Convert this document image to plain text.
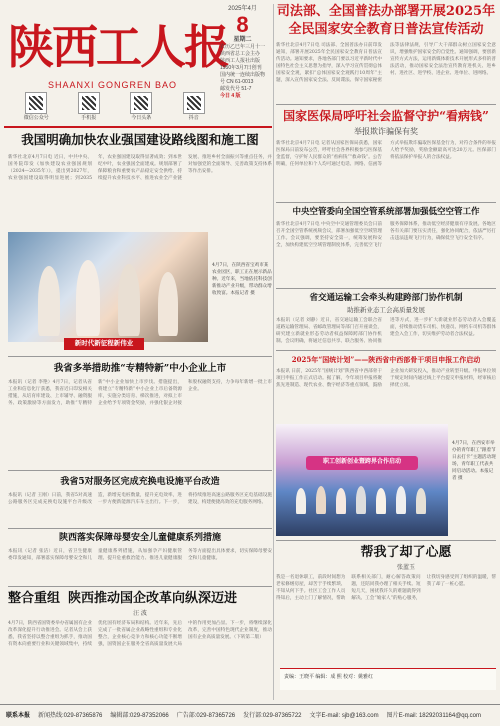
陕西工人报
SHAANXI GONGREN BAO
2025年4月
8
星期二
农历乙巳年三月十一
陕西省总工会主办
陕西工人报社出版
1950年3月7日创刊
国内统一连续出版物号 CN 61-0013
邮发代号 51-7
今日 4 版
微信公众号	手机报	今日头条	抖音
司法部、全国普法办部署开展2025年
全民国家安全教育日普法宣传活动
新华社北京4月7日电 司法部、全国普法办日前印发通知，部署开展2025年全民国家安全教育日普法宣传活动。通知要求，各地各部门要以习近平新时代中国特色社会主义思想为指导，深入学习宣传贯彻总体国家安全观，紧扣“总体国家安全观践行10周年”主题，深入宣传国家安全法、反间谍法、保守国家秘密法等法律法规，引导广大干部群众树立国家安全意识，增强维护国家安全的自觉性。通知强调，要创新宣传方式方法，运用新媒体新技术开展形式多样的普法活动，推动国家安全法治宣传教育进机关、进乡村、进社区、进学校、进企业、进单位、进网络。
国家医保局呼吁社会监督守护“看病钱”
举报欺诈骗保有奖
新华社北京4月7日电 记者从国家医保局获悉，国家医保局日前发布公告，呼吁社会各界积极参与医保基金监督，守护好人民群众的“看病钱”“救命钱”。公告明确，任何单位和个人均可通过电话、网络、信函等方式举报欺诈骗取医保基金行为，对符合条件的举报人给予奖励，奖励金额最高可达20万元。医保部门将依法保护举报人的合法权益。
中央空管委向全国空管系统部署加强低空空管工作
新华社北京4月7日电 中央空中交通管理委员会日前召开全国空管系统视频会议，部署加强低空空域管理工作。会议强调，要坚持安全第一，统筹发展和安全，加快构建低空空域管理制度体系，完善低空飞行服务保障体系，推动低空经济健康有序发展。各地区各有关部门要压实责任，强化协同配合，依法严厉打击违法违规飞行行为，确保低空飞行安全有序。
省交通运输工会牵头构建跨部门协作机制
助推新业态工会高质量发展
本报讯（记者 刘静）近日，省交通运输工会联合省道路运输管理局、省邮政管理局等部门召开座谈会，研究建立新就业形态劳动者权益保障跨部门协作机制。会议明确，将通过信息共享、联合服务、协同推进等方式，进一步扩大新就业形态劳动者入会覆盖面，持续推动货车司机、快递员、网约车司机等群体建会入会工作，切实维护劳动者合法权益。
2025年“国统计划”——陕西省中西部骨干项目申报工作启动
本报讯 日前，2025年“国统计划”陕西省中西部骨干项目申报工作正式启动。据了解，今年项目申报将聚焦先进制造、现代农业、数字经济等重点领域，鼓励企业加大研发投入，推动产业转型升级。申报单位须于规定时间内通过线上平台提交申报材料，经审核后择优立项。
职工创新创业暨跨界合作启动
4月7日，在西安市举办的青年职工“跟着节日去打卡”主题活动现场，青年职工代表共同启动活动。本报记者 摄
帮我了却了心愿
张蓝玉
我是一名退休职工，前段时间想为老家修缮房屋，却苦于手续繁琐、不知从何下手。社区工会工作人员得知后，主动上门了解情况，帮助联系相关部门，耐心解答政策问题，还陪同我办理了相关手续。短短几天，困扰我许久的难题就得到解决。工会“娘家人”的贴心服务，让我切身感受到了组织的温暖，帮我了却了一桩心愿。
责编：王晓平 编辑：成 熙 校对：姚雅红
我国明确加快农业强国建设路线图和施工图
新华社北京4月7日电 近日，中共中央、国务院印发《加快建设农业强国规划（2024—2035年）》，提出到2027年，农业强国建设取得明显进展；到2035年，农业强国建设取得显著成效；到本世纪中叶，农业强国全面建成。规划部署了保障粮食和重要农产品稳定安全供给、持续提升农业科技水平、推进农业全产业链发展、推进乡村全面振兴等重点任务，并对加强党的全面领导、完善政策支持体系等作出安排。
4月7日，在陕西省宝鸡市某农业园区，职工正在展示新品种。近年来，当地依托科技创新推动产业升级，带动群众增收致富。本报记者 摄
新时代新征程新伟业
我省多举措助推“专精特新”中小企业上市
本报讯（记者 李艳）4月7日，记者从省工业和信息化厅获悉，我省近日印发相关措施，从培育库建设、上市辅导、融资服务、政策激励等方面发力，助推“专精特新”中小企业加快上市步伐。措施提出，将建立“专精特新”中小企业上市后备资源库，实施分类培育、梯次推进，对拟上市企业给予专项资金奖励，并强化银企对接和股权融资支持，力争每年新增一批上市企业。
我省5对服务区完成充换电设施平台改造
本报讯（记者 王刚）日前，我省5对高速公路服务区完成充换电设施平台升级改造，新增充电桩数量，提升充电效率，进一步方便新能源汽车车主出行。下一步，将持续推进高速公路服务区充电基础设施建设，构建便捷高效的充电服务网络。
陕西落实保障母婴安全儿童健康系列措施
本报讯（记者 张洁）近日，省卫生健康委印发通知，部署落实保障母婴安全和儿童健康系列措施，从加强孕产妇健康管理、提升危重救治能力、推进儿童健康服务等方面提出具体要求，切实保障母婴安全和儿童健康。
整合重组 陕西推动国企改革向纵深迈进
汪 波
4月7日，陕西省国资委举办省属国有企业改革深化提升行动推进会。记者从会上获悉，我省坚持以整合重组为抓手，推动国有资本向重要行业和关键领域集中，持续优化国有经济布局和结构。近年来，先后完成了一批省属企业战略性重组和专业化整合，企业核心竞争力和核心功能不断增强，国资国企在服务全省高质量发展大局中的作用更加凸显。下一步，将继续深化改革，完善中国特色现代企业制度，推动国有企业高质量发展。（下转第二版）
联系本报 新闻热线:029-87365876 编辑部:029-87352066 广告部:029-87365726 发行部:029-87365722 文字E-mail: sjb@163.com 图片E-mail: 18292031164@qq.com
